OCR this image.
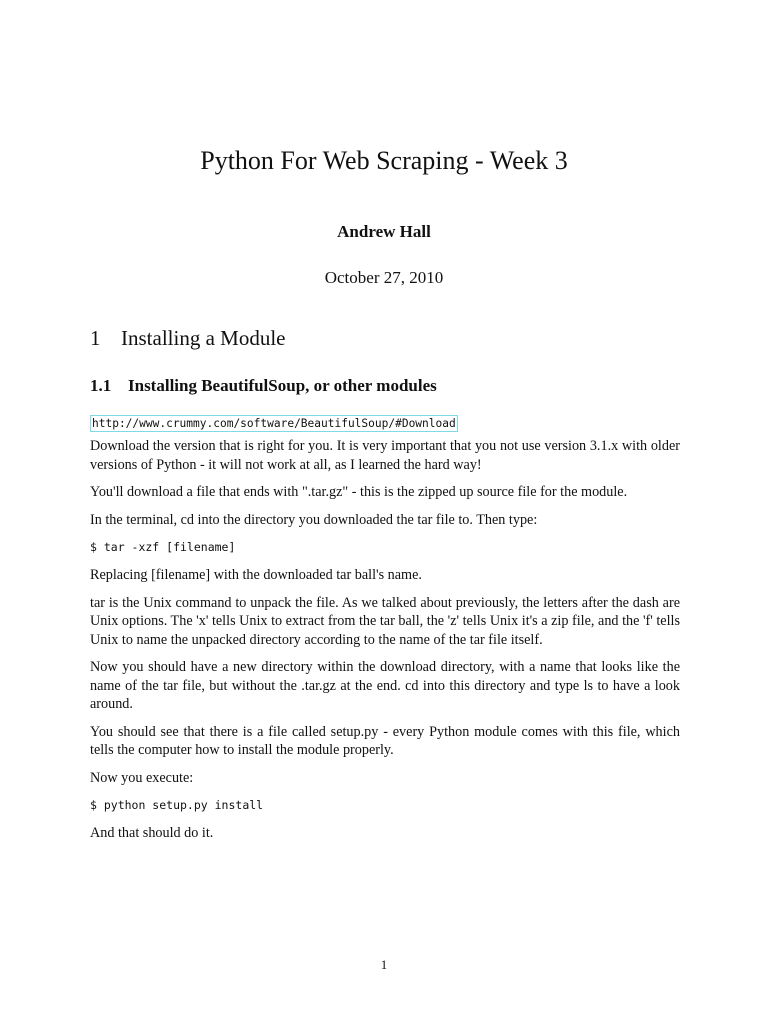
Python For Web Scraping - Week 3
Andrew Hall
October 27, 2010
1 Installing a Module
1.1 Installing BeautifulSoup, or other modules
http://www.crummy.com/software/BeautifulSoup/#Download

Download the version that is right for you. It is very important that you not use version 3.1.x with older versions of Python - it will not work at all, as I learned the hard way!

You'll download a file that ends with ".tar.gz" - this is the zipped up source file for the module.

In the terminal, cd into the directory you downloaded the tar file to. Then type:

$ tar -xzf [filename]

Replacing [filename] with the downloaded tar ball's name.

tar is the Unix command to unpack the file. As we talked about previously, the letters after the dash are Unix options. The 'x' tells Unix to extract from the tar ball, the 'z' tells Unix it's a zip file, and the 'f' tells Unix to name the unpacked directory according to the name of the tar file itself.

Now you should have a new directory within the download directory, with a name that looks like the name of the tar file, but without the .tar.gz at the end. cd into this directory and type ls to have a look around.

You should see that there is a file called setup.py - every Python module comes with this file, which tells the computer how to install the module properly.

Now you execute:

$ python setup.py install

And that should do it.

1
